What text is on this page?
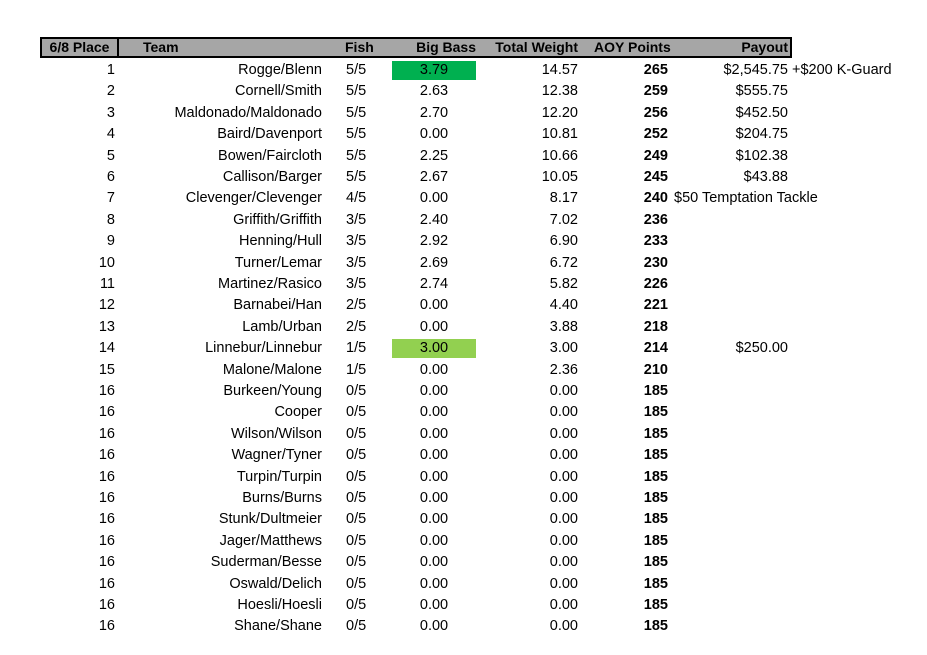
6/8 Place	Team	Fish	Big Bass	Total Weight AOY Points	Payout
1	Rogge/Blenn 5/5	3.79	14.57	265	$2,545.75 +$200 K-Guard
2	Cornell/Smith 5/5	2.63	12.38	259	$555.75
3	Maldonado/Maldonado 5/5	2.70	12.20	256	$452.50
4	Baird/Davenport 5/5	0.00	10.81	252	$204.75
5	Bowen/Faircloth 5/5	2.25	10.66	249	$102.38
6	Callison/Barger 5/5	2.67	10.05	245	$43.88
7	Clevenger/Clevenger 4/5	0.00	8.17	240 $50 Temptation Tackle
8	Griffith/Griffith 3/5	2.40	7.02	236
9	Henning/Hull 3/5	2.92	6.90	233
10	Turner/Lemar 3/5	2.69	6.72	230
11	Martinez/Rasico 3/5	2.74	5.82	226
12	Barnabei/Han 2/5	0.00	4.40	221
13	Lamb/Urban 2/5	0.00	3.88	218
14	Linnebur/Linnebur 1/5	3.00	3.00	214	$250.00
15	Malone/Malone 1/5	0.00	2.36	210
16	Burkeen/Young 0/5	0.00	0.00	185
16	Cooper 0/5	0.00	0.00	185
16	Wilson/Wilson 0/5	0.00	0.00	185
16	Wagner/Tyner 0/5	0.00	0.00	185
16	Turpin/Turpin 0/5	0.00	0.00	185
16	Burns/Burns 0/5	0.00	0.00	185
16	Stunk/Dultmeier 0/5	0.00	0.00	185
16	Jager/Matthews 0/5	0.00	0.00	185
16	Suderman/Besse 0/5	0.00	0.00	185
16	Oswald/Delich 0/5	0.00	0.00	185
16	Hoesli/Hoesli 0/5	0.00	0.00	185
16	Shane/Shane 0/5	0.00	0.00	185
